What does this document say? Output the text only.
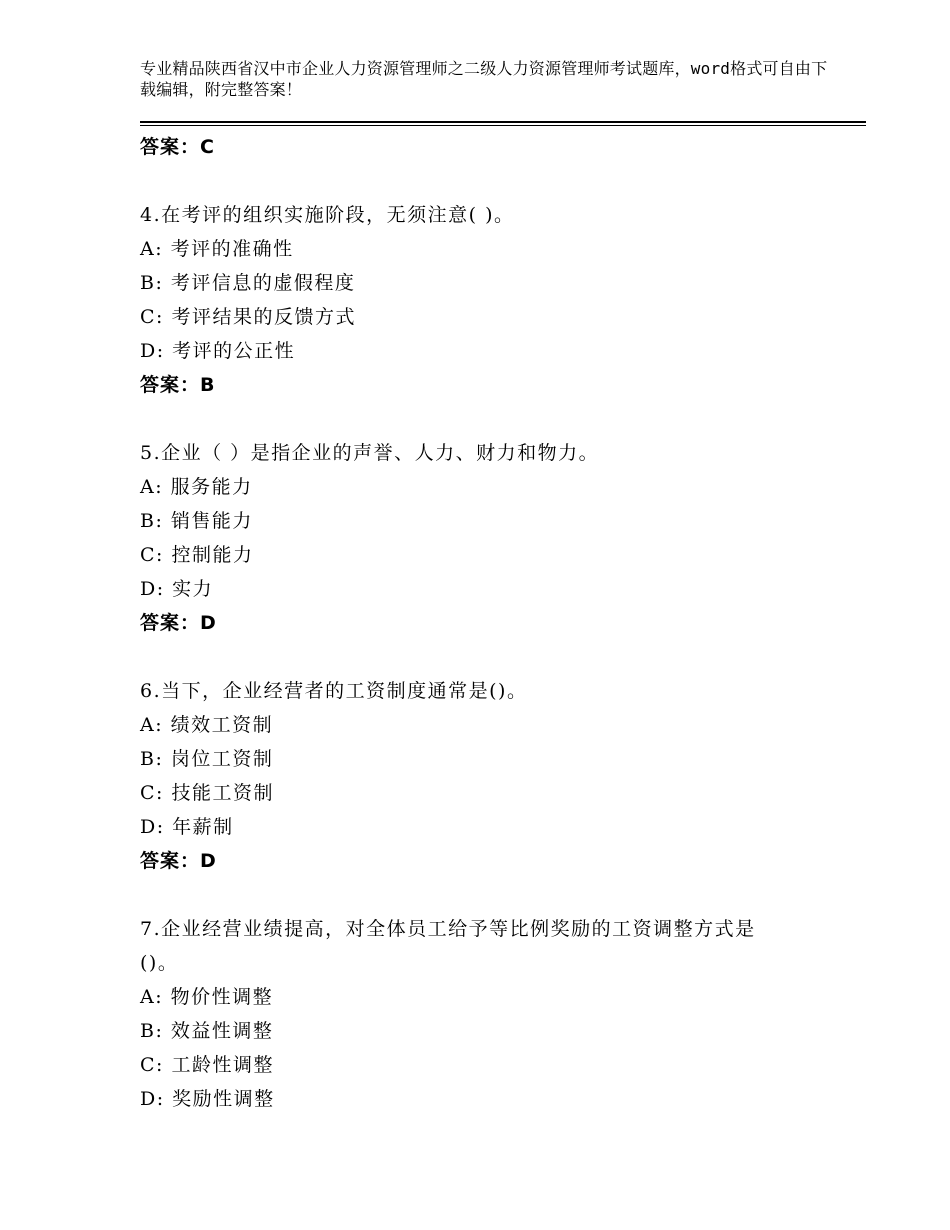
专业精品陕西省汉中市企业人力资源管理师之二级人力资源管理师考试题库，word格式可自由下载编辑，附完整答案！
答案：C
4.在考评的组织实施阶段，无须注意( )。
A: 考评的准确性
B: 考评信息的虚假程度
C: 考评结果的反馈方式
D: 考评的公正性
答案：B
5.企业（ ）是指企业的声誉、人力、财力和物力。
A: 服务能力
B: 销售能力
C: 控制能力
D: 实力
答案：D
6.当下，企业经营者的工资制度通常是()。
A: 绩效工资制
B: 岗位工资制
C: 技能工资制
D: 年薪制
答案：D
7.企业经营业绩提高，对全体员工给予等比例奖励的工资调整方式是
()。
A: 物价性调整
B: 效益性调整
C: 工龄性调整
D: 奖励性调整
